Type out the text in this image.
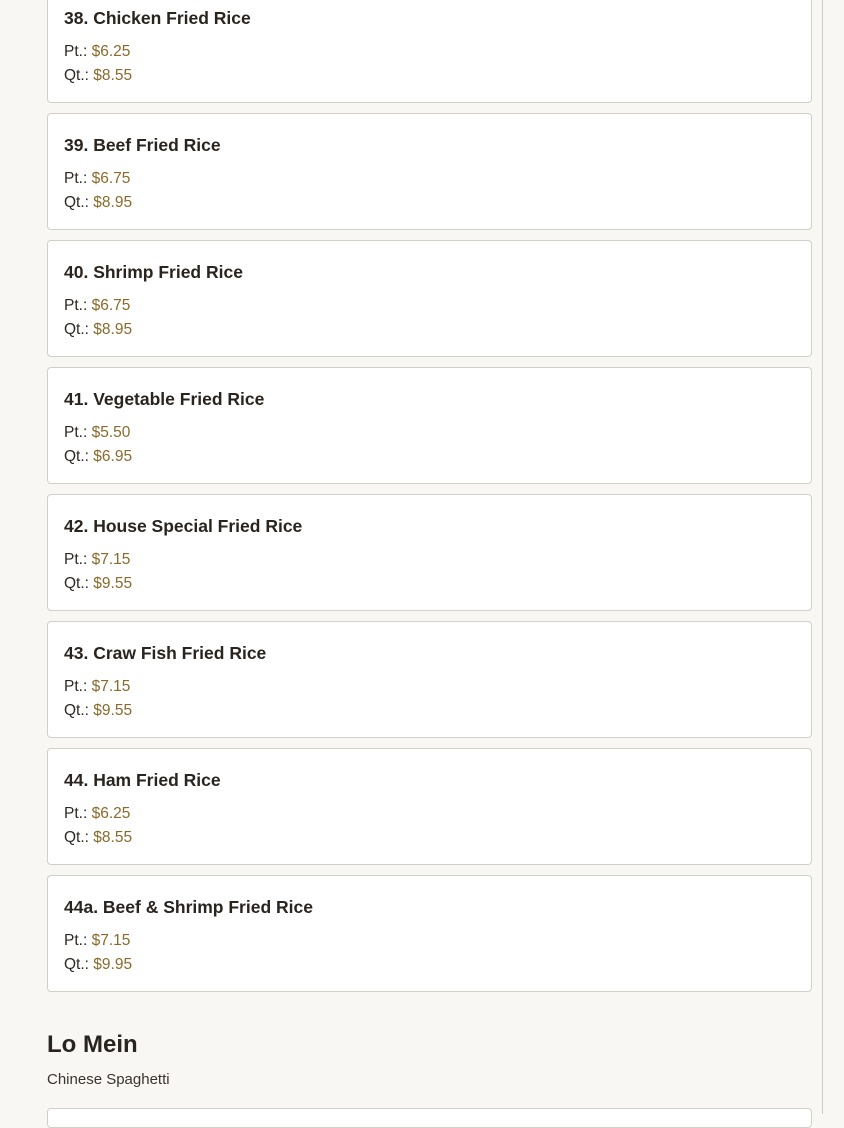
38. Chicken Fried Rice
Pt.: $6.25
Qt.: $8.55
39. Beef Fried Rice
Pt.: $6.75
Qt.: $8.95
40. Shrimp Fried Rice
Pt.: $6.75
Qt.: $8.95
41. Vegetable Fried Rice
Pt.: $5.50
Qt.: $6.95
42. House Special Fried Rice
Pt.: $7.15
Qt.: $9.55
43. Craw Fish Fried Rice
Pt.: $7.15
Qt.: $9.55
44. Ham Fried Rice
Pt.: $6.25
Qt.: $8.55
44a. Beef & Shrimp Fried Rice
Pt.: $7.15
Qt.: $9.95
Lo Mein
Chinese Spaghetti
